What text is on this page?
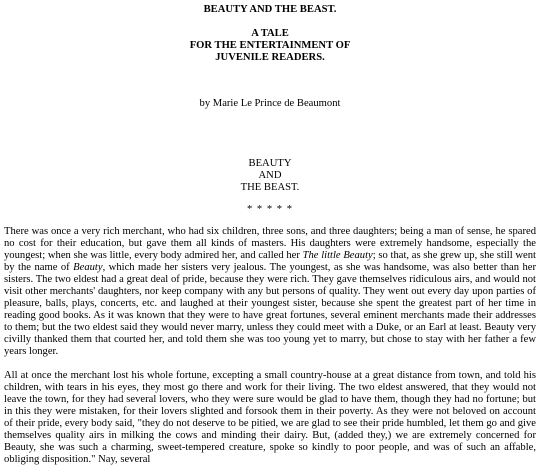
BEAUTY AND THE BEAST.
A TALE
FOR THE ENTERTAINMENT OF
JUVENILE READERS.
by Marie Le Prince de Beaumont
BEAUTY
AND
THE BEAST.
* * * * *

There was once a very rich merchant, who had six children, three sons, and three daughters; being a man of sense, he spared no cost for their education, but gave them all kinds of masters. His daughters were extremely handsome, especially the youngest; when she was little, every body admired her, and called her The little Beauty; so that, as she grew up, she still went by the name of Beauty, which made her sisters very jealous. The youngest, as she was handsome, was also better than her sisters. The two eldest had a great deal of pride, because they were rich. They gave themselves ridiculous airs, and would not visit other merchants' daughters, nor keep company with any but persons of quality. They went out every day upon parties of pleasure, balls, plays, concerts, etc. and laughed at their youngest sister, because she spent the greatest part of her time in reading good books. As it was known that they were to have great fortunes, several eminent merchants made their addresses to them; but the two eldest said they would never marry, unless they could meet with a Duke, or an Earl at least. Beauty very civilly thanked them that courted her, and told them she was too young yet to marry, but chose to stay with her father a few years longer.

All at once the merchant lost his whole fortune, excepting a small country-house at a great distance from town, and told his children, with tears in his eyes, they most go there and work for their living. The two eldest answered, that they would not leave the town, for they had several lovers, who they were sure would be glad to have them, though they had no fortune; but in this they were mistaken, for their lovers slighted and forsook them in their poverty. As they were not beloved on account of their pride, every body said, "they do not deserve to be pitied, we are glad to see their pride humbled, let them go and give themselves quality airs in milking the cows and minding their dairy. But, (added they,) we are extremely concerned for Beauty, she was such a charming, sweet-tempered creature, spoke so kindly to poor people, and was of such an affable, obliging disposition." Nay, several
